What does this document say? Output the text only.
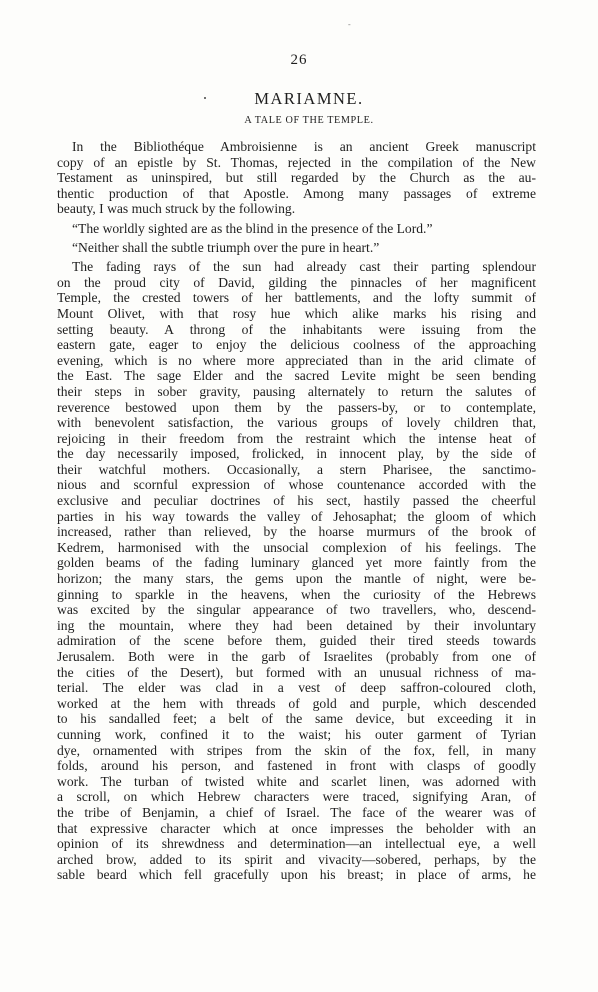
-
26
MARIAMNE.
A TALE OF THE TEMPLE.
In the Bibliothéque Ambroisienne is an ancient Greek manuscript
copy of an epistle by St. Thomas, rejected in the compilation of the New
Testament as uninspired, but still regarded by the Church as the au-
thentic production of that Apostle. Among many passages of extreme
beauty, I was much struck by the following.
“The worldly sighted are as the blind in the presence of the Lord.”
“Neither shall the subtle triumph over the pure in heart.”
The fading rays of the sun had already cast their parting splendour
on the proud city of David, gilding the pinnacles of her magnificent
Temple, the crested towers of her battlements, and the lofty summit of
Mount Olivet, with that rosy hue which alike marks his rising and
setting beauty. A throng of the inhabitants were issuing from the
eastern gate, eager to enjoy the delicious coolness of the approaching
evening, which is no where more appreciated than in the arid climate of
the East. The sage Elder and the sacred Levite might be seen bending
their steps in sober gravity, pausing alternately to return the salutes of
reverence bestowed upon them by the passers-by, or to contemplate,
with benevolent satisfaction, the various groups of lovely children that,
rejoicing in their freedom from the restraint which the intense heat of
the day necessarily imposed, frolicked, in innocent play, by the side of
their watchful mothers. Occasionally, a stern Pharisee, the sanctimo-
nious and scornful expression of whose countenance accorded with the
exclusive and peculiar doctrines of his sect, hastily passed the cheerful
parties in his way towards the valley of Jehosaphat; the gloom of which
increased, rather than relieved, by the hoarse murmurs of the brook of
Kedrem, harmonised with the unsocial complexion of his feelings. The
golden beams of the fading luminary glanced yet more faintly from the
horizon; the many stars, the gems upon the mantle of night, were be-
ginning to sparkle in the heavens, when the curiosity of the Hebrews
was excited by the singular appearance of two travellers, who, descend-
ing the mountain, where they had been detained by their involuntary
admiration of the scene before them, guided their tired steeds towards
Jerusalem. Both were in the garb of Israelites (probably from one of
the cities of the Desert), but formed with an unusual richness of ma-
terial. The elder was clad in a vest of deep saffron-coloured cloth,
worked at the hem with threads of gold and purple, which descended
to his sandalled feet; a belt of the same device, but exceeding it in
cunning work, confined it to the waist; his outer garment of Tyrian
dye, ornamented with stripes from the skin of the fox, fell, in many
folds, around his person, and fastened in front with clasps of goodly
work. The turban of twisted white and scarlet linen, was adorned with
a scroll, on which Hebrew characters were traced, signifying Aran, of
the tribe of Benjamin, a chief of Israel. The face of the wearer was of
that expressive character which at once impresses the beholder with an
opinion of its shrewdness and determination—an intellectual eye, a well
arched brow, added to its spirit and vivacity—sobered, perhaps, by the
sable beard which fell gracefully upon his breast; in place of arms, he
